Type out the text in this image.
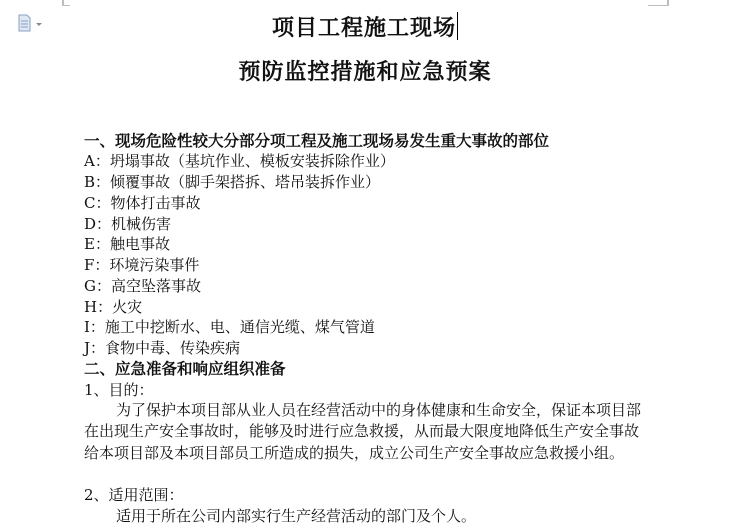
项目工程施工现场
预防监控措施和应急预案
一、现场危险性较大分部分项工程及施工现场易发生重大事故的部位
A：坍塌事故（基坑作业、模板安装拆除作业）
B：倾覆事故（脚手架搭拆、塔吊装拆作业）
C：物体打击事故
D：机械伤害
E：触电事故
F：环境污染事件
G：高空坠落事故
H：火灾
I：施工中挖断水、电、通信光缆、煤气管道
J：食物中毒、传染疾病
二、应急准备和响应组织准备
1、目的：
为了保护本项目部从业人员在经营活动中的身体健康和生命安全，保证本项目部在出现生产安全事故时，能够及时进行应急救援，从而最大限度地降低生产安全事故给本项目部及本项目部员工所造成的损失，成立公司生产安全事故应急救援小组。
2、适用范围：
适用于所在公司内部实行生产经营活动的部门及个人。
